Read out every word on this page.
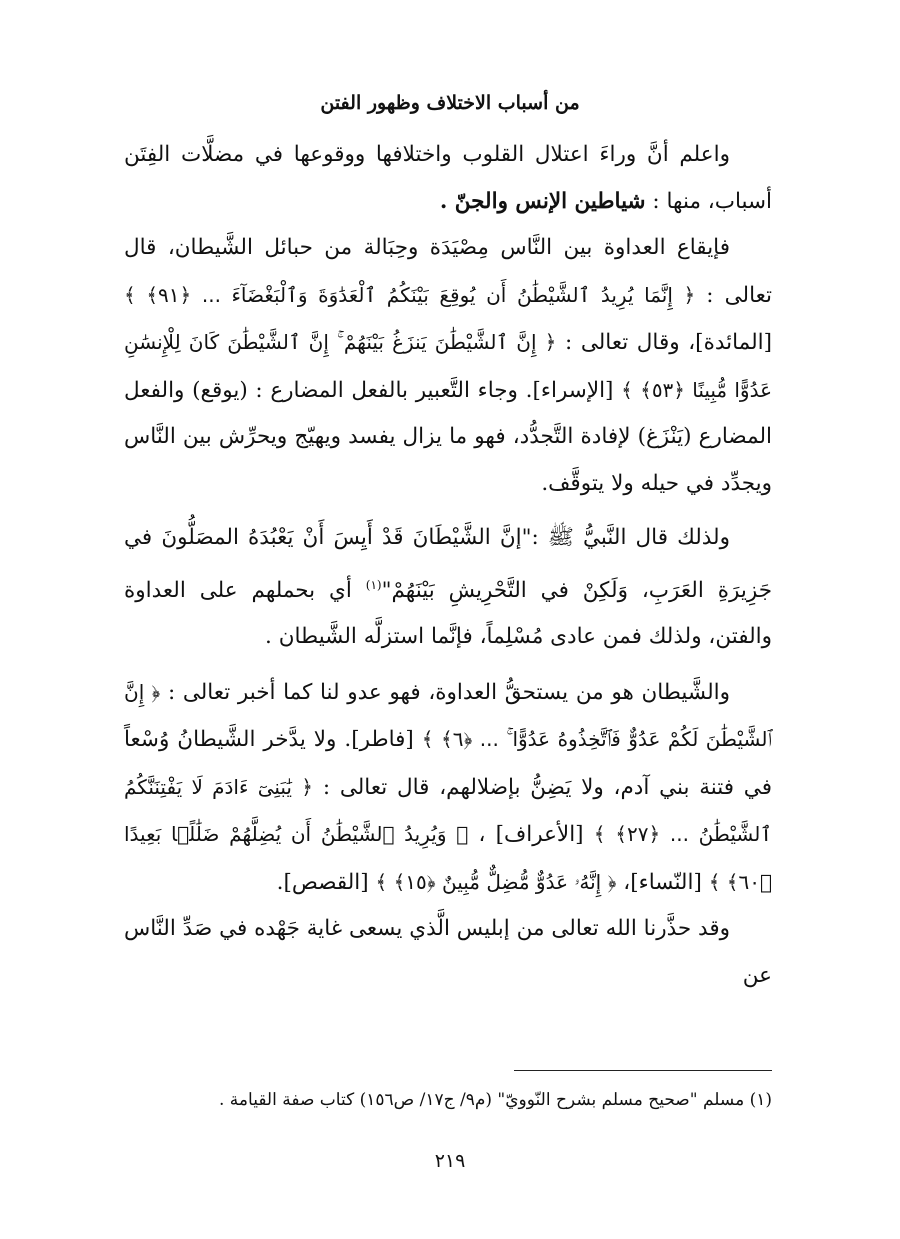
من أسباب الاختلاف وظهور الفتن

واعلم أنَّ وراءَ اعتلال القلوب واختلافها ووقوعها في مضلَّات الفِتَن أسباب، منها : شياطين الإنس والجنّ .

فإيقاع العداوة بين النَّاس مِصْيَدَة وحِبَالة من حبائل الشَّيطان، قال تعالى : ﴿ إِنَّمَا يُرِيدُ ٱلشَّيْطَٰنُ أَن يُوقِعَ بَيْنَكُمُ ٱلْعَدَٰوَةَ وَٱلْبَغْضَآءَ ... ﴿٩١﴾ ﴾ [المائدة]، وقال تعالى : ﴿ إِنَّ ٱلشَّيْطَٰنَ يَنزَغُ بَيْنَهُمْ ۚ إِنَّ ٱلشَّيْطَٰنَ كَانَ لِلْإِنسَٰنِ عَدُوًّا مُّبِينًا ﴿٥٣﴾ ﴾ [الإسراء]. وجاء التَّعبير بالفعل المضارع : (يوقع) والفعل المضارع (يَنْزَغ) لإفادة التَّجدُّد، فهو ما يزال يفسد ويهيّج ويحرِّش بين النَّاس ويجدِّد في حيله ولا يتوقَّف.

ولذلك قال النَّبيُّ ﷺ :"إنَّ الشَّيْطَانَ قَدْ أَيِسَ أَنْ يَعْبُدَهُ المصَلُّونَ في جَزِيرَةِ العَرَبِ، وَلَكِنْ في التَّحْرِيشِ بَيْنَهُمْ"$^{(١)}$ أي بحملهم على العداوة والفتن، ولذلك فمن عادى مُسْلِماً، فإنَّما استزلَّه الشَّيطان .

والشَّيطان هو من يستحقُّ العداوة، فهو عدو لنا كما أخبر تعالى : ﴿ إِنَّ ٱلشَّيْطَٰنَ لَكُمْ عَدُوٌّ فَٱتَّخِذُوهُ عَدُوًّا ۚ ... ﴿٦﴾ ﴾ [فاطر]. ولا يدَّخر الشَّيطانُ وُسْعاً في فتنة بني آدم، ولا يَضِنُّ بإضلالهم، قال تعالى : ﴿ يَٰبَنِىٓ ءَادَمَ لَا يَفْتِنَنَّكُمُ ٱلشَّيْطَٰنُ ... ﴿٢٧﴾ ﴾ [الأعراف] ، ﴿ وَيُرِيدُ ٱلشَّيْطَٰنُ أَن يُضِلَّهُمْ ضَلَٰلًۢا بَعِيدًا ﴿٦٠﴾ ﴾ [النّساء]، ﴿ إِنَّهُۥ عَدُوٌّ مُّضِلٌّ مُّبِينٌ ﴿١٥﴾ ﴾ [القصص].

وقد حذَّرنا الله تعالى من إبليس الَّذي يسعى غاية جَهْده في صَدِّ النَّاس عن

(١) مسلم "صحيح مسلم بشرح النّوويّ" (م٩/ ج١٧/ ص١٥٦) كتاب صفة القيامة .
٢١٩
